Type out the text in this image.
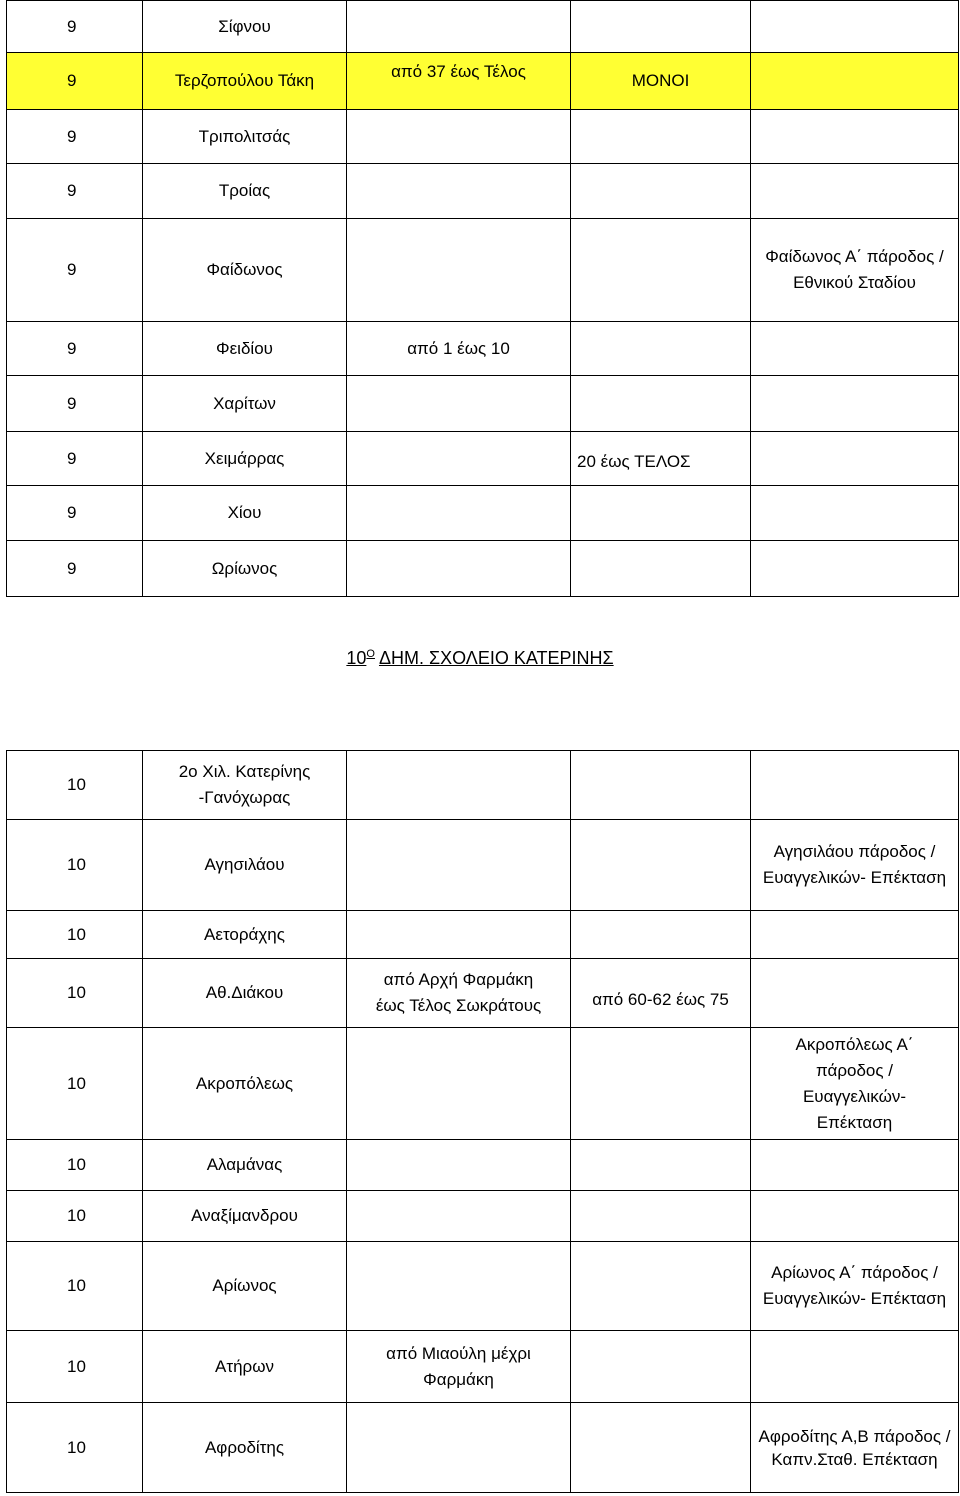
9	Σίφνου			
9	Τερζοπούλου Τάκη	από 37 έως Τέλος	ΜΟΝΟΙ	
9	Τριπολιτσάς			
9	Τροίας			
9	Φαίδωνος			Φαίδωνος Α΄ πάροδος / Εθνικού Σταδίου
9	Φειδίου	από 1 έως 10		
9	Χαρίτων			
9	Χειμάρρας		20 έως ΤΕΛΟΣ	
9	Χίου			
9	Ωρίωνος			
$10^O$ ΔΗΜ. ΣΧΟΛΕΙΟ ΚΑΤΕΡΙΝΗΣ
10	2ο Χιλ. Κατερίνης -Γανόχωρας			
10	Αγησιλάου			Αγησιλάου πάροδος / Ευαγγελικών- Επέκταση
10	Αετοράχης			
10	Αθ.Διάκου	από Αρχή Φαρμάκη έως Τέλος Σωκράτους	από 60-62 έως 75	
10	Ακροπόλεως			Ακροπόλεως Α΄ πάροδος / Ευαγγελικών- Επέκταση
10	Αλαμάνας			
10	Αναξίμανδρου			
10	Αρίωνος			Αρίωνος Α΄ πάροδος / Ευαγγελικών- Επέκταση
10	Ατήρων	από Μιαούλη μέχρι Φαρμάκη		
10	Αφροδίτης			Αφροδίτης Α,Β πάροδος / Καπν.Σταθ. Επέκταση
